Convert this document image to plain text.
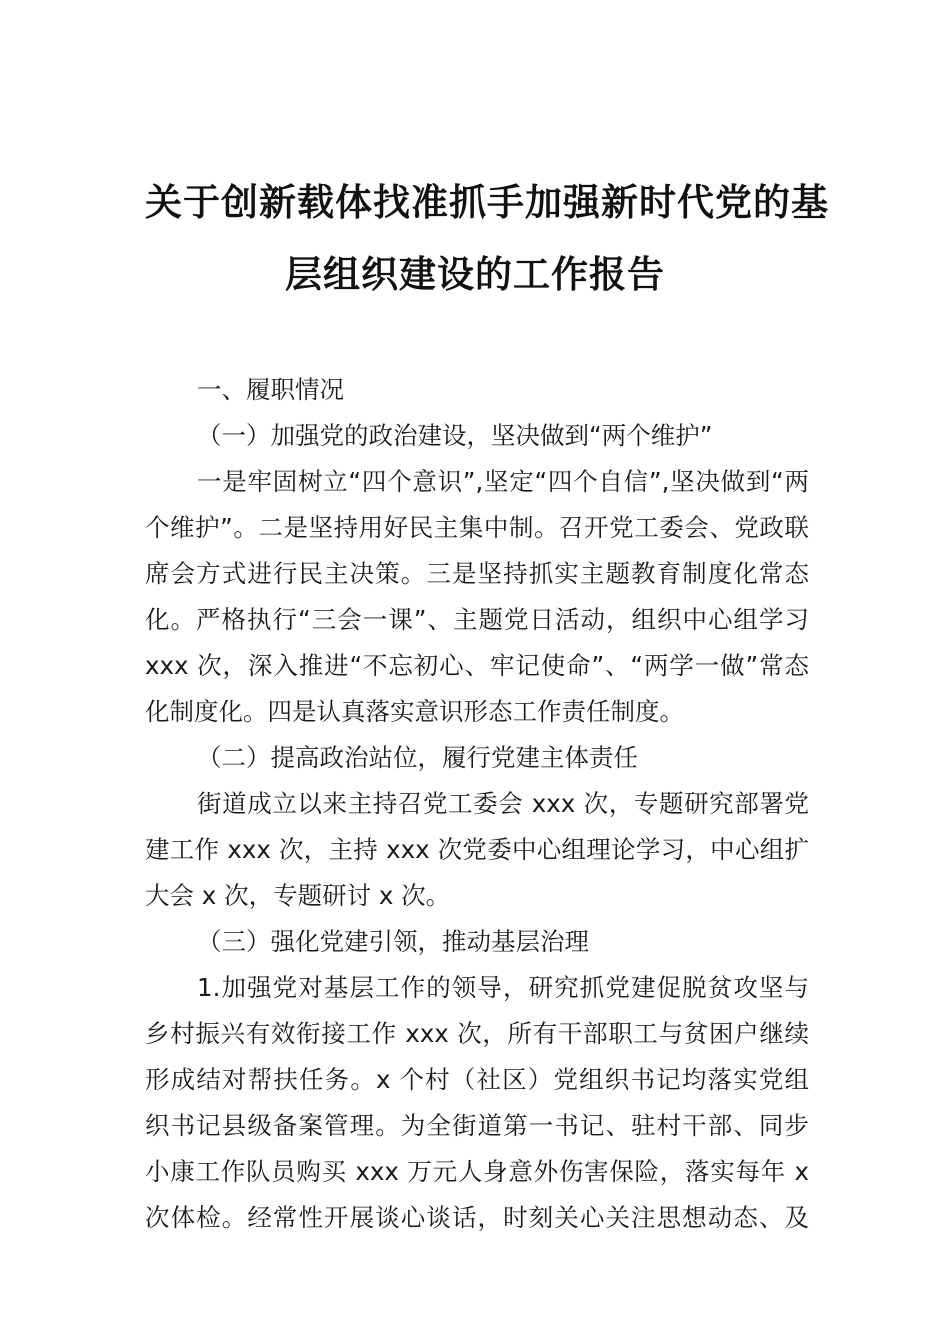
关于创新载体找准抓手加强新时代党的基
层组织建设的工作报告
一、履职情况
（一）加强党的政治建设，坚决做到“两个维护”
一是牢固树立“四个意识”,坚定“四个自信”,坚决做到“两
个维护”。二是坚持用好民主集中制。召开党工委会、党政联
席会方式进行民主决策。三是坚持抓实主题教育制度化常态
化。严格执行“三会一课”、主题党日活动，组织中心组学习
xxx 次，深入推进“不忘初心、牢记使命”、“两学一做”常态
化制度化。四是认真落实意识形态工作责任制度。
（二）提高政治站位，履行党建主体责任
街道成立以来主持召党工委会 xxx 次，专题研究部署党
建工作 xxx 次，主持 xxx 次党委中心组理论学习，中心组扩
大会 x 次，专题研讨 x 次。
（三）强化党建引领，推动基层治理
1.加强党对基层工作的领导，研究抓党建促脱贫攻坚与
乡村振兴有效衔接工作 xxx 次，所有干部职工与贫困户继续
形成结对帮扶任务。x 个村（社区）党组织书记均落实党组
织书记县级备案管理。为全街道第一书记、驻村干部、同步
小康工作队员购买 xxx 万元人身意外伤害保险，落实每年 x
次体检。经常性开展谈心谈话，时刻关心关注思想动态、及
